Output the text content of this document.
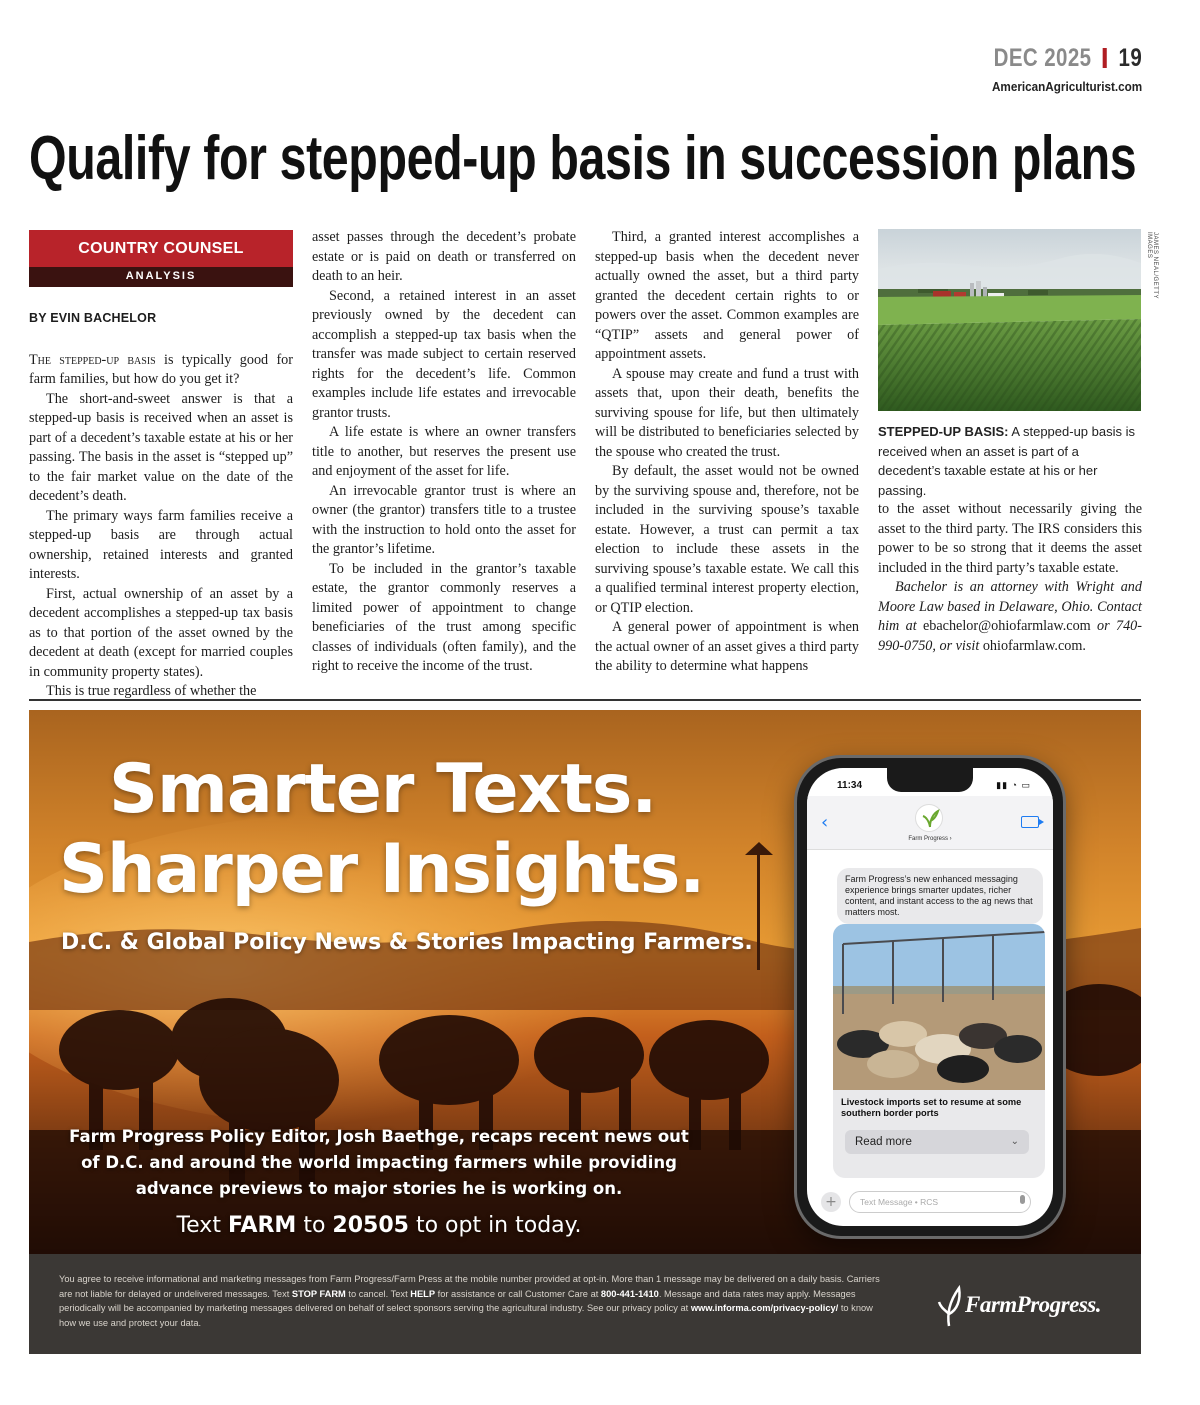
DEC 2025 19
AmericanAgriculturist.com
Qualify for stepped-up basis in succession plans
COUNTRY COUNSEL
ANALYSIS
BY EVIN BACHELOR

The stepped-up basis is typically good for farm families, but how do you get it?

The short-and-sweet answer is that a stepped-up basis is received when an asset is part of a decedent’s taxable estate at his or her passing. The basis in the asset is “stepped up” to the fair market value on the date of the decedent’s death.

The primary ways farm families receive a stepped-up basis are through actual ownership, retained interests and granted interests.

First, actual ownership of an asset by a decedent accomplishes a stepped-up tax basis as to that portion of the asset owned by the decedent at death (except for married couples in community property states).

This is true regardless of whether the

asset passes through the decedent’s probate estate or is paid on death or transferred on death to an heir.

Second, a retained interest in an asset previously owned by the decedent can accomplish a stepped-up tax basis when the transfer was made subject to certain reserved rights for the decedent’s life. Common examples include life estates and irrevocable grantor trusts.

A life estate is where an owner transfers title to another, but reserves the present use and enjoyment of the asset for life.

An irrevocable grantor trust is where an owner (the grantor) transfers title to a trustee with the instruction to hold onto the asset for the grantor’s lifetime.

To be included in the grantor’s taxable estate, the grantor commonly reserves a limited power of appointment to change beneficiaries of the trust among specific classes of individuals (often family), and the right to receive the income of the trust.

Third, a granted interest accomplishes a stepped-up basis when the decedent never actually owned the asset, but a third party granted the decedent certain rights to or powers over the asset. Common examples are “QTIP” assets and general power of appointment assets.

A spouse may create and fund a trust with assets that, upon their death, benefits the surviving spouse for life, but then ultimately will be distributed to beneficiaries selected by the spouse who created the trust.

By default, the asset would not be owned by the surviving spouse and, therefore, not be included in the surviving spouse’s taxable estate. However, a trust can permit a tax election to include these assets in the surviving spouse’s taxable estate. We call this a qualified terminal interest property election, or QTIP election.

A general power of appointment is when the actual owner of an asset gives a third party the ability to determine what happens

JAMES NEAL/GETTY IMAGES
STEPPED-UP BASIS: A stepped-up basis is received when an asset is part of a decedent’s taxable estate at his or her passing.

to the asset without necessarily giving the asset to the third party. The IRS considers this power to be so strong that it deems the asset included in the third party’s taxable estate.

Bachelor is an attorney with Wright and Moore Law based in Delaware, Ohio. Contact him at ebachelor@ohiofarmlaw.com or 740-990-0750, or visit ohiofarmlaw.com.

Smarter Texts.
Sharper Insights.
D.C. & Global Policy News & Stories Impacting Farmers.
Farm Progress Policy Editor, Josh Baethge, recaps recent news out of D.C. and around the world impacting farmers while providing advance previews to major stories he is working on.
Text FARM to 20505 to opt in today.
‹
Farm Progress ›
11:34	▮▮ ◔ ▭
Farm Progress’s new enhanced messaging experience brings smarter updates, richer content, and instant access to the ag news that matters most.
Livestock imports set to resume at some southern border ports
Read more	⌄
+	Text Message • RCS
You agree to receive informational and marketing messages from Farm Progress/Farm Press at the mobile number provided at opt-in. More than 1 message may be delivered on a daily basis. Carriers are not liable for delayed or undelivered messages. Text STOP FARM to cancel. Text HELP for assistance or call Customer Care at 800-441-1410. Message and data rates may apply. Messages periodically will be accompanied by marketing messages delivered on behalf of select sponsors serving the agricultural industry. See our privacy policy at www.informa.com/privacy-policy/ to know how we use and protect your data.
FarmProgress.
